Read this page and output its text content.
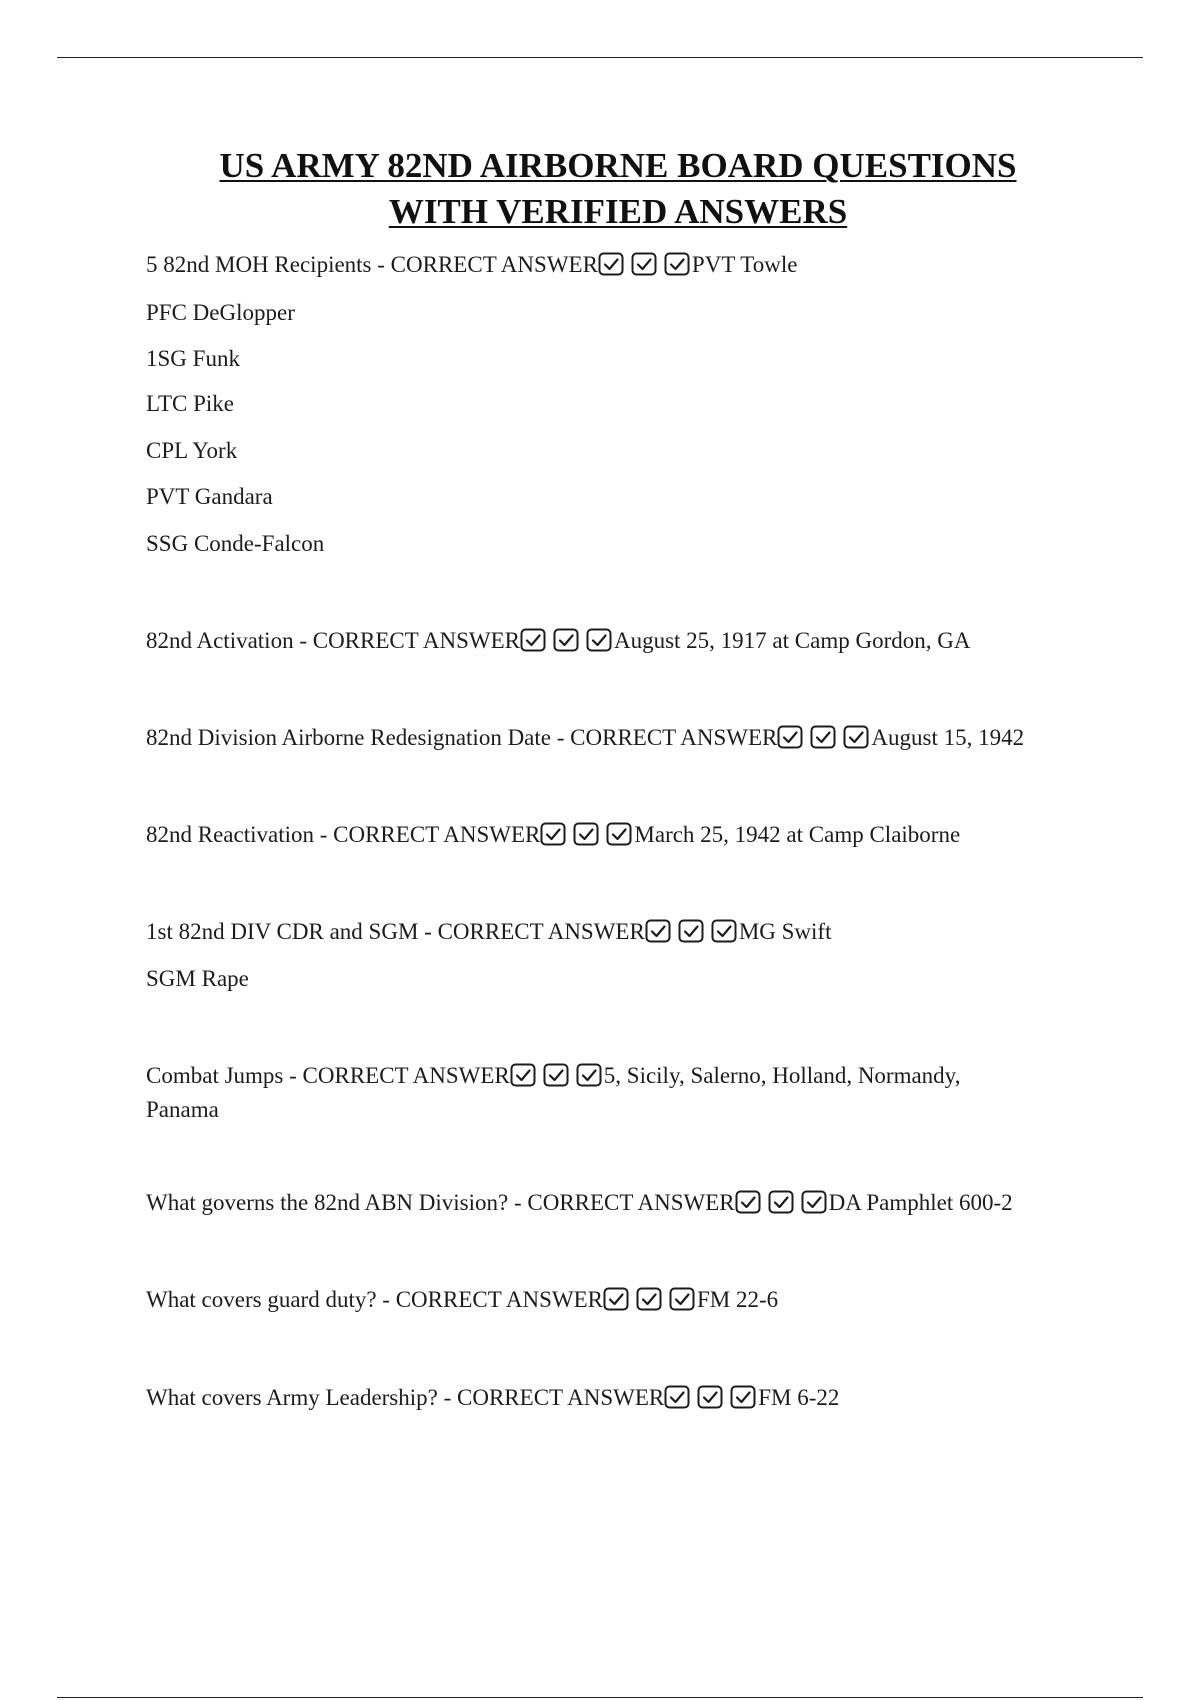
US ARMY 82ND AIRBORNE BOARD QUESTIONS
WITH VERIFIED ANSWERS
5 82nd MOH Recipients - CORRECT ANSWER	PVT Towle
PFC DeGlopper
1SG Funk
LTC Pike
CPL York
PVT Gandara
SSG Conde-Falcon
82nd Activation - CORRECT ANSWER	August 25, 1917 at Camp Gordon, GA
82nd Division Airborne Redesignation Date - CORRECT ANSWER	August 15, 1942
82nd Reactivation - CORRECT ANSWER	March 25, 1942 at Camp Claiborne
1st 82nd DIV CDR and SGM - CORRECT ANSWER	MG Swift
SGM Rape
Combat Jumps - CORRECT ANSWER	5, Sicily, Salerno, Holland, Normandy, Panama
What governs the 82nd ABN Division? - CORRECT ANSWER	DA Pamphlet 600-2
What covers guard duty? - CORRECT ANSWER	FM 22-6
What covers Army Leadership? - CORRECT ANSWER	FM 6-22
